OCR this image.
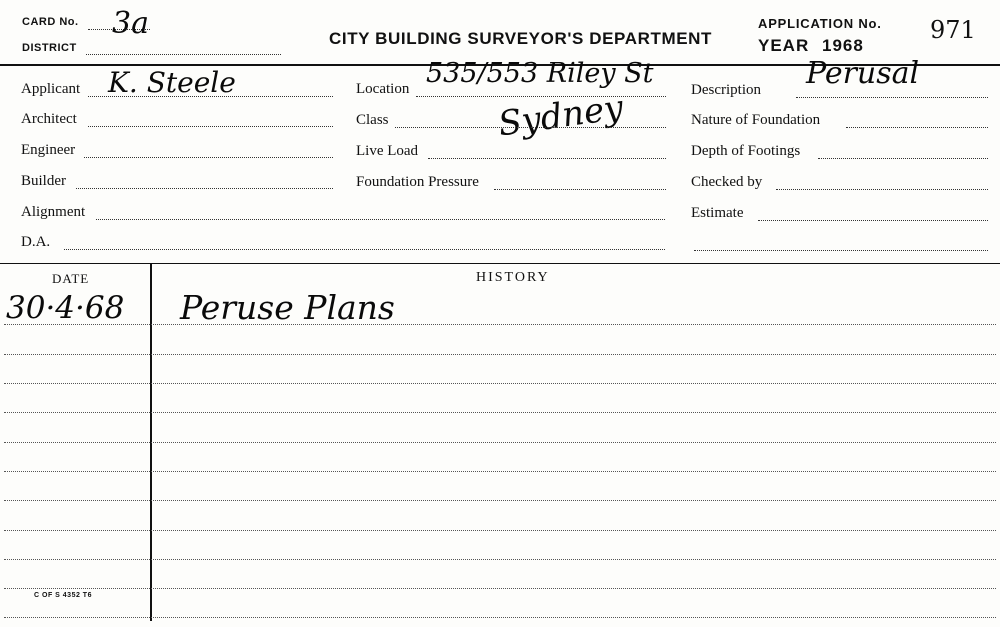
CARD No. 3a
DISTRICT	CITY BUILDING SURVEYOR'S DEPARTMENT
APPLICATION No. 971
YEAR 1968
Applicant K. Steele
Architect
Engineer
Builder
Alignment
D.A.
Location 535/553 Riley St
Sydney
Class
Live Load
Foundation Pressure
Description Perusal
Nature of Foundation
Depth of Footings
Checked by
Estimate
DATE	HISTORY
30·4·68 Peruse Plans
C OF S 4352 T6
